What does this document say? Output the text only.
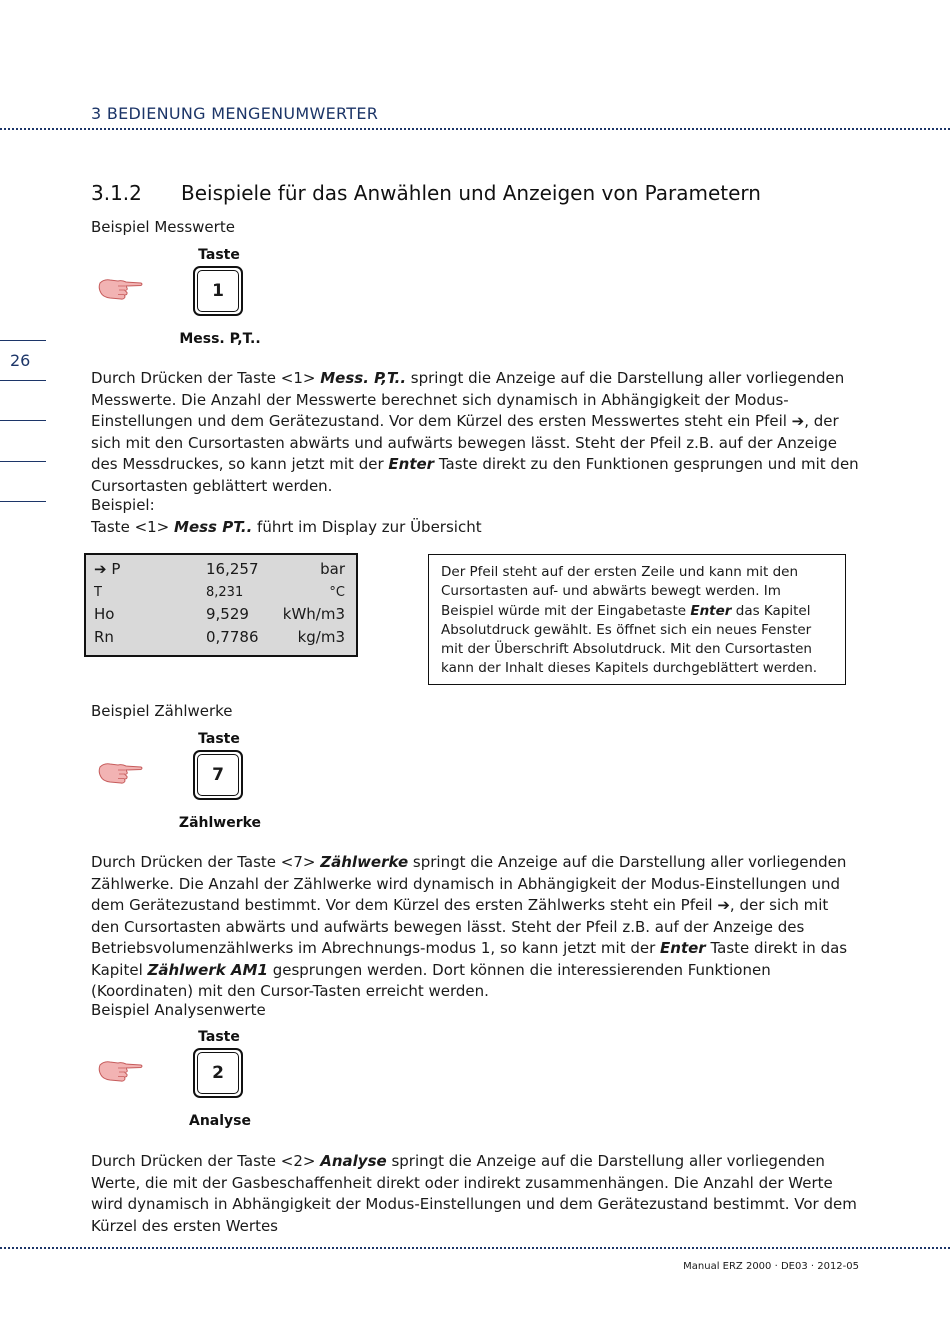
3 BEDIENUNG MENGENUMWERTER
26
3.1.2 Beispiele für das Anwählen und Anzeigen von Parametern
Beispiel Messwerte
Taste
1
Mess. P,T..
Durch Drücken der Taste <1> Mess. P,T.. springt die Anzeige auf die Darstellung aller vorliegenden Messwerte. Die Anzahl der Messwerte berechnet sich dynamisch in Abhängigkeit der Modus-Einstellungen und dem Gerätezustand. Vor dem Kürzel des ersten Messwertes steht ein Pfeil ➔, der sich mit den Cursortasten abwärts und aufwärts bewegen lässt. Steht der Pfeil z.B. auf der Anzeige des Messdruckes, so kann jetzt mit der Enter Taste direkt zu den Funktionen gesprungen und mit den Cursortasten geblättert werden.
Beispiel:
Taste <1> Mess PT.. führt im Display zur Übersicht
➔ P	16,257	bar
T	8,231	°C
Ho	9,529 kWh/m3
Rn	0,7786	kg/m3
Der Pfeil steht auf der ersten Zeile und kann mit den Cursortasten auf- und abwärts bewegt werden. Im Beispiel würde mit der Eingabetaste Enter das Kapitel Absolutdruck gewählt. Es öffnet sich ein neues Fenster mit der Überschrift Absolutdruck. Mit den Cursortasten kann der Inhalt dieses Kapitels durchgeblättert werden.
Beispiel Zählwerke
Taste
7
Zählwerke
Durch Drücken der Taste <7> Zählwerke springt die Anzeige auf die Darstellung aller vorliegenden Zählwerke. Die Anzahl der Zählwerke wird dynamisch in Abhängigkeit der Modus-Einstellungen und dem Gerätezustand bestimmt. Vor dem Kürzel des ersten Zählwerks steht ein Pfeil ➔, der sich mit den Cursortasten abwärts und aufwärts bewegen lässt. Steht der Pfeil z.B. auf der Anzeige des Betriebsvolumenzählwerks im Abrechnungs-modus 1, so kann jetzt mit der Enter Taste direkt in das Kapitel Zählwerk AM1 gesprungen werden. Dort können die interessierenden Funktionen (Koordinaten) mit den Cursor-Tasten erreicht werden.
Beispiel Analysenwerte
Taste
2
Analyse
Durch Drücken der Taste <2> Analyse springt die Anzeige auf die Darstellung aller vorliegenden Werte, die mit der Gasbeschaffenheit direkt oder indirekt zusammenhängen. Die Anzahl der Werte wird dynamisch in Abhängigkeit der Modus-Einstellungen und dem Gerätezustand bestimmt. Vor dem Kürzel des ersten Wertes
Manual ERZ 2000 · DE03 · 2012-05
